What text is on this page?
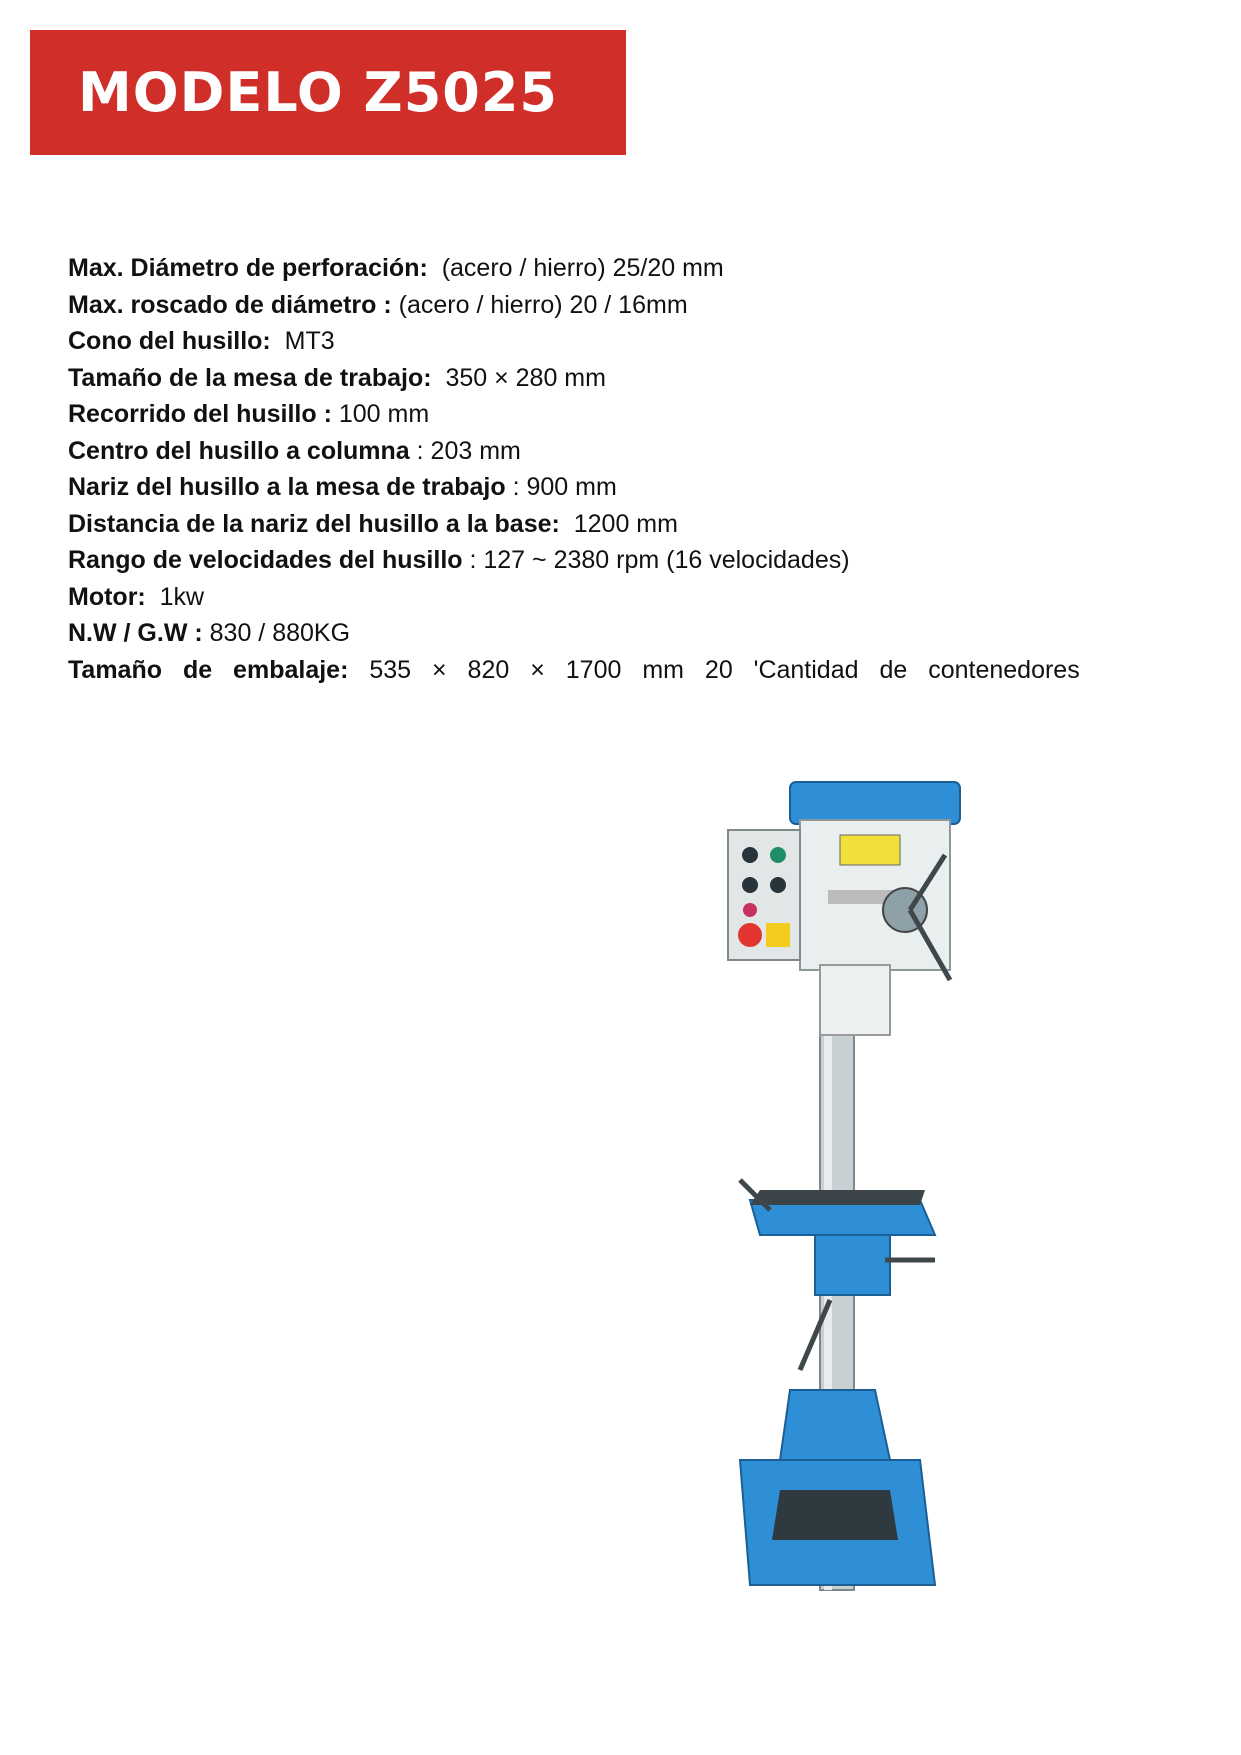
MODELO Z5025
Max. Diámetro de perforación:  (acero / hierro) 25/20 mm
Max. roscado de diámetro : (acero / hierro) 20 / 16mm
Cono del husillo:  MT3
Tamaño de la mesa de trabajo:  350 × 280 mm
Recorrido del husillo : 100 mm
Centro del husillo a columna : 203 mm
Nariz del husillo a la mesa de trabajo : 900 mm
Distancia de la nariz del husillo a la base:  1200 mm
Rango de velocidades del husillo : 127 ~ 2380 rpm (16 velocidades)
Motor:  1kw
N.W / G.W : 830 / 880KG
Tamaño de embalaje: 535 × 820 × 1700 mm 20 'Cantidad de contenedores
